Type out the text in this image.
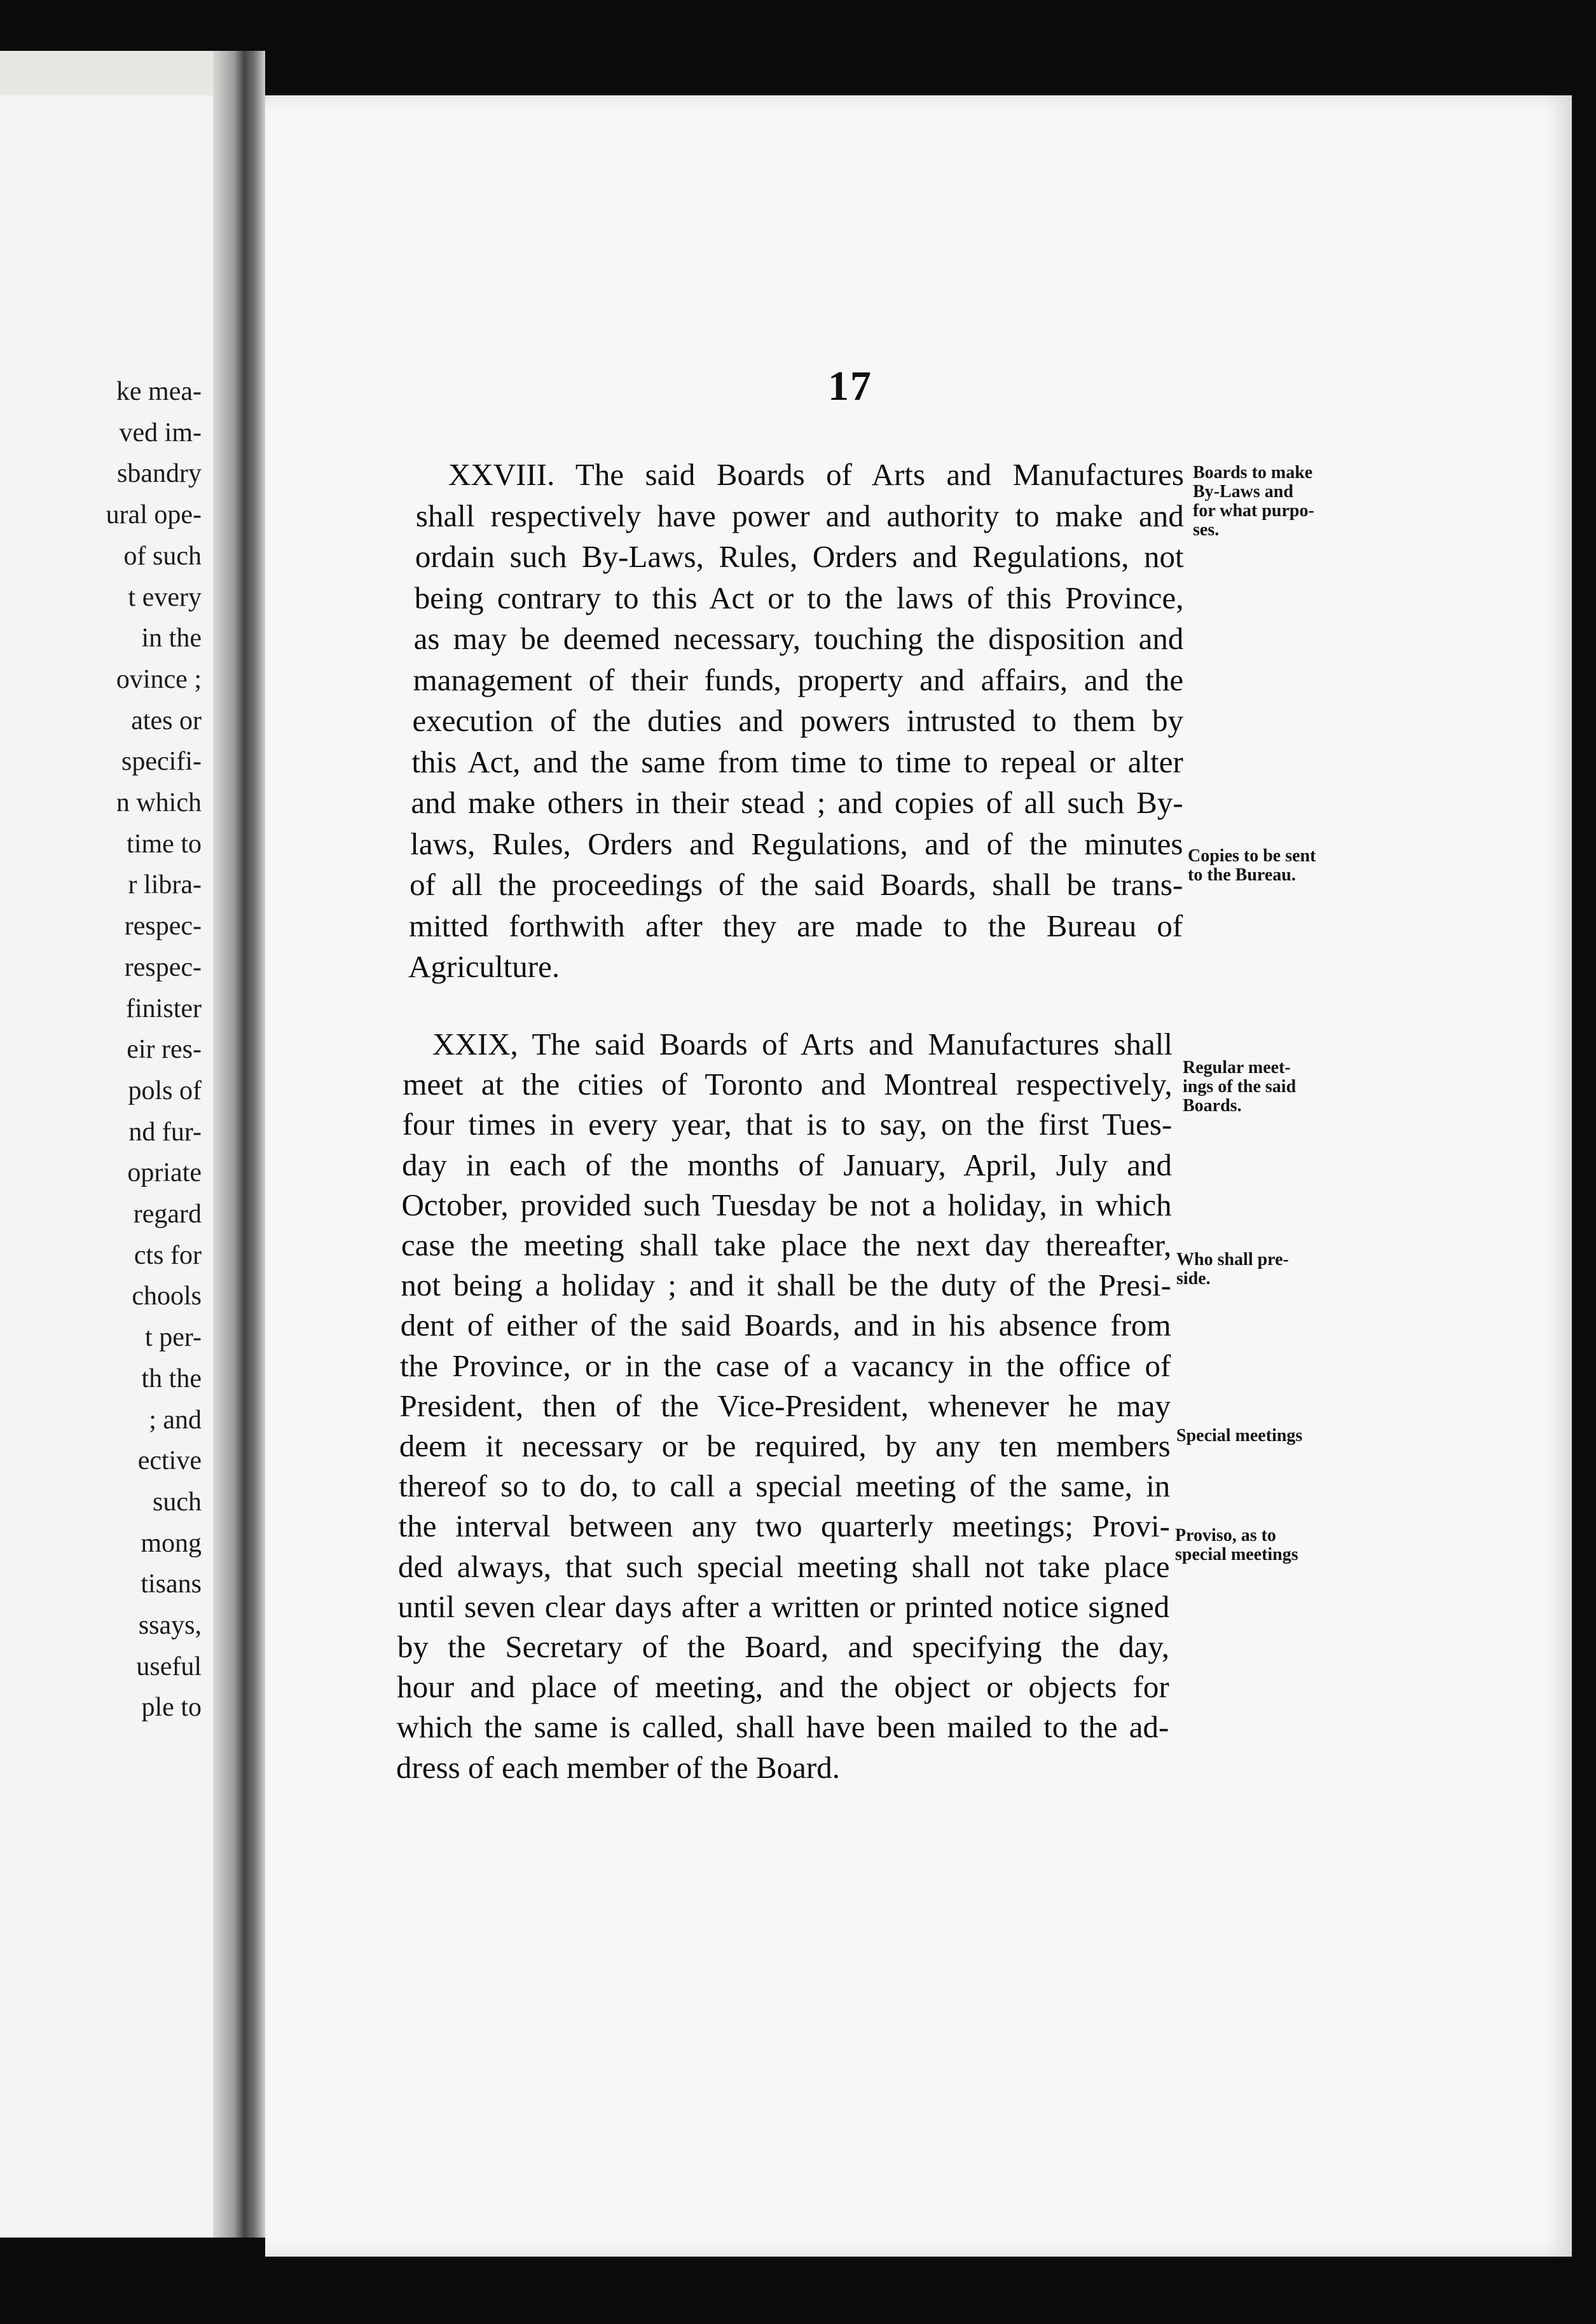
ke mea-
ved im-
sbandry
ural ope-
of such
t every
in the
ovince ;
ates or
specifi-
n which
time to
r libra-
respec-
respec-
finister
eir res-
pols of
nd fur-
opriate
regard
cts for
chools
t per-
th the
; and
ective
such
mong
tisans
ssays,
useful
ple to
17
XXVIII. The said Boards of Arts and Manufactures
shall respectively have power and authority to make and
ordain such By-Laws, Rules, Orders and Regulations, not
being contrary to this Act or to the laws of this Province,
as may be deemed necessary, touching the disposition and
management of their funds, property and affairs, and the
execution of the duties and powers intrusted to them by
this Act, and the same from time to time to repeal or alter
and make others in their stead ; and copies of all such By-
laws, Rules, Orders and Regulations, and of the minutes
of all the proceedings of the said Boards, shall be trans-
mitted forthwith after they are made to the Bureau of
Agriculture.
XXIX, The said Boards of Arts and Manufactures shall
meet at the cities of Toronto and Montreal respectively,
four times in every year, that is to say, on the first Tues-
day in each of the months of January, April, July and
October, provided such Tuesday be not a holiday, in which
case the meeting shall take place the next day thereafter,
not being a holiday ; and it shall be the duty of the Presi-
dent of either of the said Boards, and in his absence from
the Province, or in the case of a vacancy in the office of
President, then of the Vice-President, whenever he may
deem it necessary or be required, by any ten members
thereof so to do, to call a special meeting of the same, in
the interval between any two quarterly meetings; Provi-
ded always, that such special meeting shall not take place
until seven clear days after a written or printed notice signed
by the Secretary of the Board, and specifying the day,
hour and place of meeting, and the object or objects for
which the same is called, shall have been mailed to the ad-
dress of each member of the Board.
Boards to make
By-Laws and
for what purpo-
ses.
Copies to be sent
to the Bureau.
Regular meet-
ings of the said
Boards.
Who shall pre-
side.
Special meetings
Proviso, as to
special meetings
